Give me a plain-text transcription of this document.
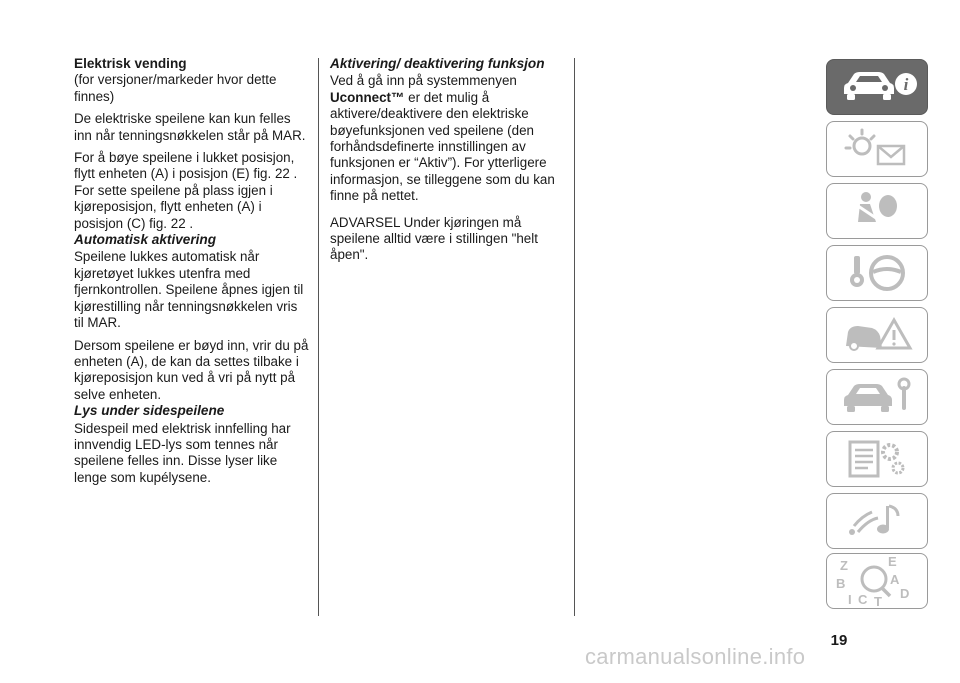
Elektrisk vending

(for versjoner/markeder hvor dette finnes)

De elektriske speilene kan kun felles inn når tenningsnøkkelen står på MAR.

For å bøye speilene i lukket posisjon, flytt enheten (A) i posisjon (E) fig. 22 . For sette speilene på plass igjen i kjøreposisjon, flytt enheten (A) i posisjon (C) fig. 22 .

Automatisk aktivering

Speilene lukkes automatisk når kjøretøyet lukkes utenfra med fjernkontrollen. Speilene åpnes igjen til kjørestilling når tenningsnøkkelen vris til MAR.

Dersom speilene er bøyd inn, vrir du på enheten (A), de kan da settes tilbake i kjøreposisjon kun ved å vri på nytt på selve enheten.

Lys under sidespeilene

Sidespeil med elektrisk innfelling har innvendig LED-lys som tennes når speilene felles inn. Disse lyser like lenge som kupélysene.

Aktivering/ deaktivering funksjon

Ved å gå inn på systemmenyen
Uconnect™ er det mulig å aktivere/deaktivere den elektriske bøyefunksjonen ved speilene (den forhåndsdefinerte innstillingen av funksjonen er “Aktiv”). For ytterligere informasjon, se tilleggene som du kan finne på nettet.

ADVARSEL Under kjøringen må speilene alltid være i stillingen "helt åpen".

i
Z	E
A
B
C T
D
I
19
carmanualsonline.info
